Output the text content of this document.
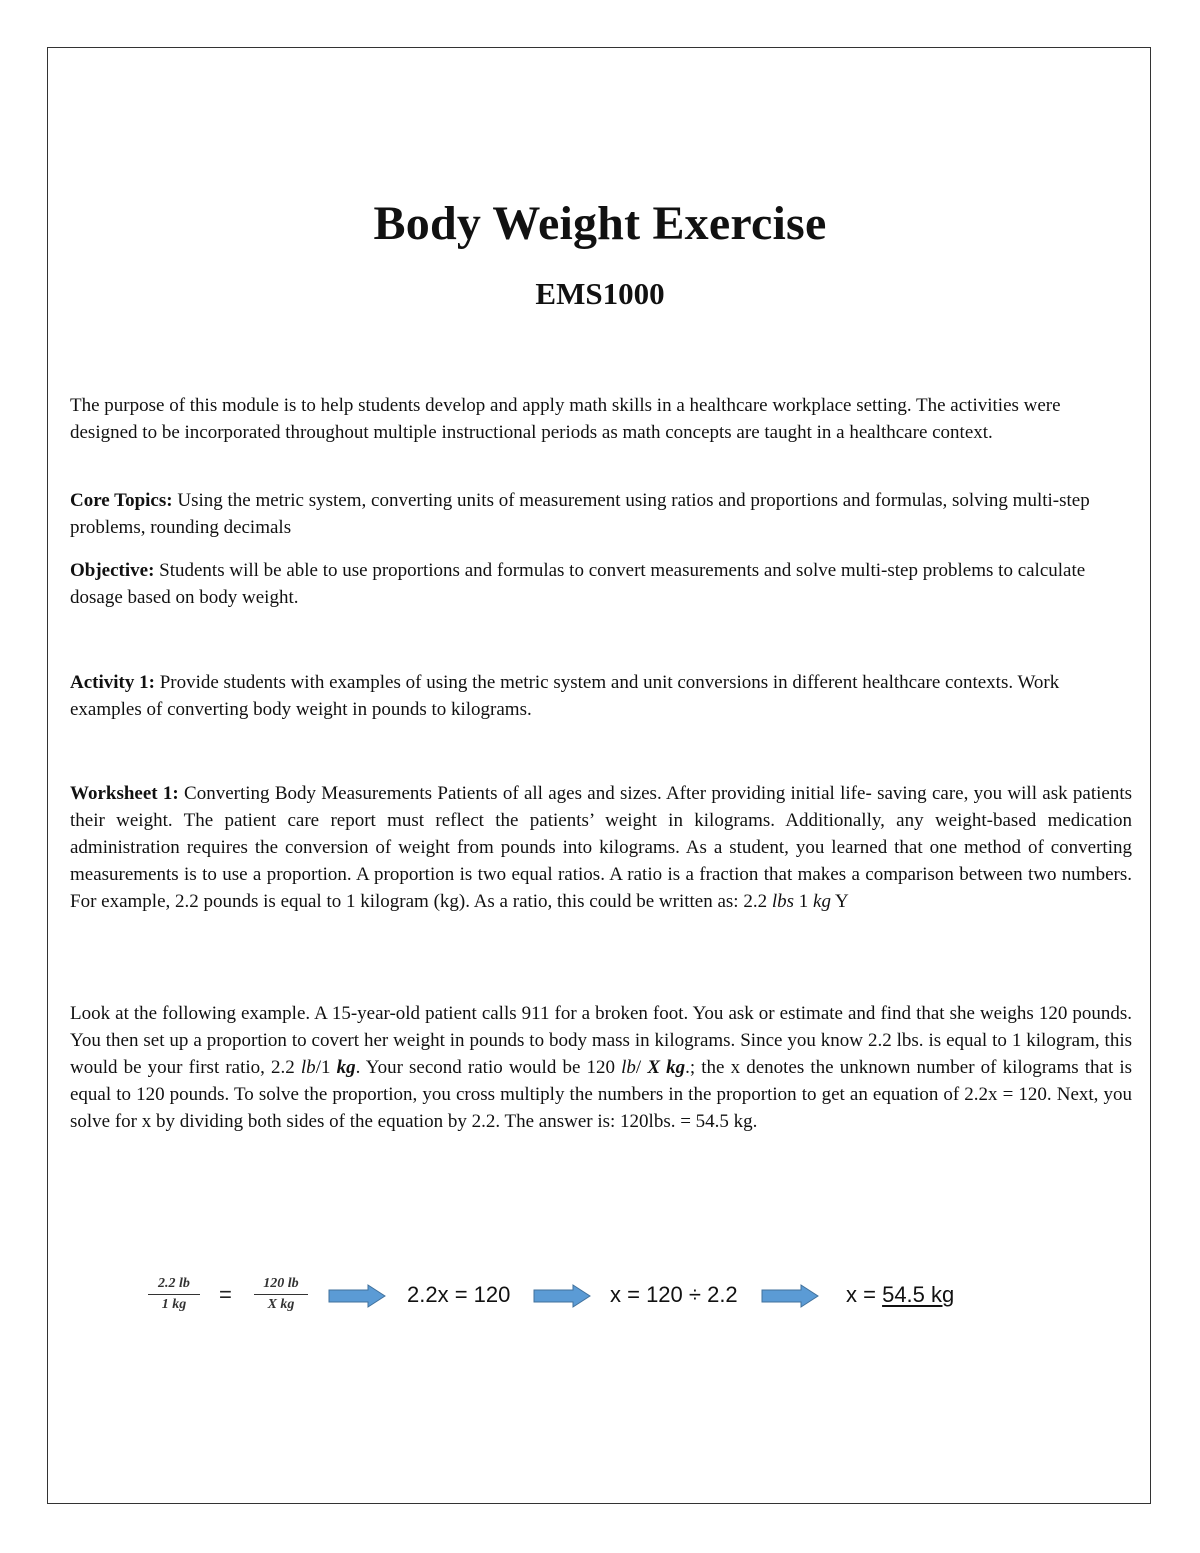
Body Weight Exercise
EMS1000

The purpose of this module is to help students develop and apply math skills in a healthcare workplace setting. The activities were designed to be incorporated throughout multiple instructional periods as math concepts are taught in a healthcare context.

Core Topics: Using the metric system, converting units of measurement using ratios and proportions and formulas, solving multi-step problems, rounding decimals

Objective: Students will be able to use proportions and formulas to convert measurements and solve multi-step problems to calculate dosage based on body weight.

Activity 1: Provide students with examples of using the metric system and unit conversions in different healthcare contexts. Work examples of converting body weight in pounds to kilograms.

Worksheet 1: Converting Body Measurements Patients of all ages and sizes. After providing initial life- saving care, you will ask patients their weight. The patient care report must reflect the patients’ weight in kilograms. Additionally, any weight-based medication administration requires the conversion of weight from pounds into kilograms. As a student, you learned that one method of converting measurements is to use a proportion. A proportion is two equal ratios. A ratio is a fraction that makes a comparison between two numbers. For example, 2.2 pounds is equal to 1 kilogram (kg). As a ratio, this could be written as: 2.2 lbs 1 kg Y

Look at the following example. A 15-year-old patient calls 911 for a broken foot. You ask or estimate and find that she weighs 120 pounds. You then set up a proportion to covert her weight in pounds to body mass in kilograms. Since you know 2.2 lbs. is equal to 1 kilogram, this would be your first ratio, 2.2 lb/1 kg. Your second ratio would be 120 lb/ X kg.; the x denotes the unknown number of kilograms that is equal to 120 pounds. To solve the proportion, you cross multiply the numbers in the proportion to get an equation of 2.2x = 120. Next, you solve for x by dividing both sides of the equation by 2.2. The answer is: 120lbs. = 54.5 kg.

$\frac{2.2 lb}{1 kg} = \frac{120 lb}{\text{X kg}}$	2.2x = 120	x = 120 ÷ 2.2	x = 54.5 kg
